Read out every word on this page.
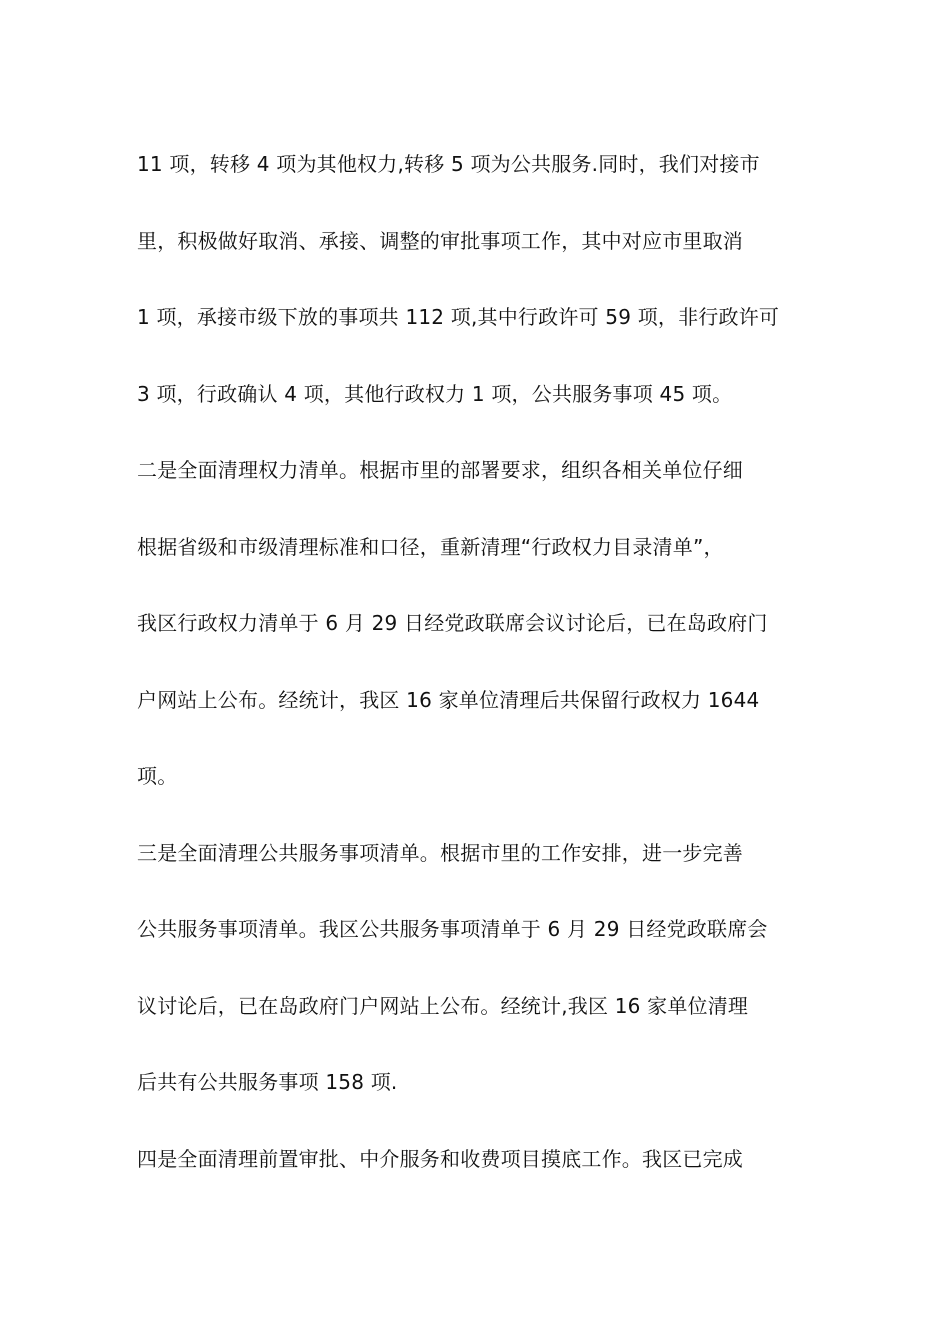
11 项，转移 4 项为其他权力,转移 5 项为公共服务.同时，我们对接市
里，积极做好取消、承接、调整的审批事项工作，其中对应市里取消
1 项，承接市级下放的事项共 112 项,其中行政许可 59 项，非行政许可
3 项，行政确认 4 项，其他行政权力 1 项，公共服务事项 45 项。
二是全面清理权力清单。根据市里的部署要求，组织各相关单位仔细
根据省级和市级清理标准和口径，重新清理“行政权力目录清单”，
我区行政权力清单于 6 月 29 日经党政联席会议讨论后，已在岛政府门
户网站上公布。经统计，我区 16 家单位清理后共保留行政权力 1644
项。
三是全面清理公共服务事项清单。根据市里的工作安排，进一步完善
公共服务事项清单。我区公共服务事项清单于 6 月 29 日经党政联席会
议讨论后，已在岛政府门户网站上公布。经统计,我区 16 家单位清理
后共有公共服务事项 158 项.
四是全面清理前置审批、中介服务和收费项目摸底工作。我区已完成
